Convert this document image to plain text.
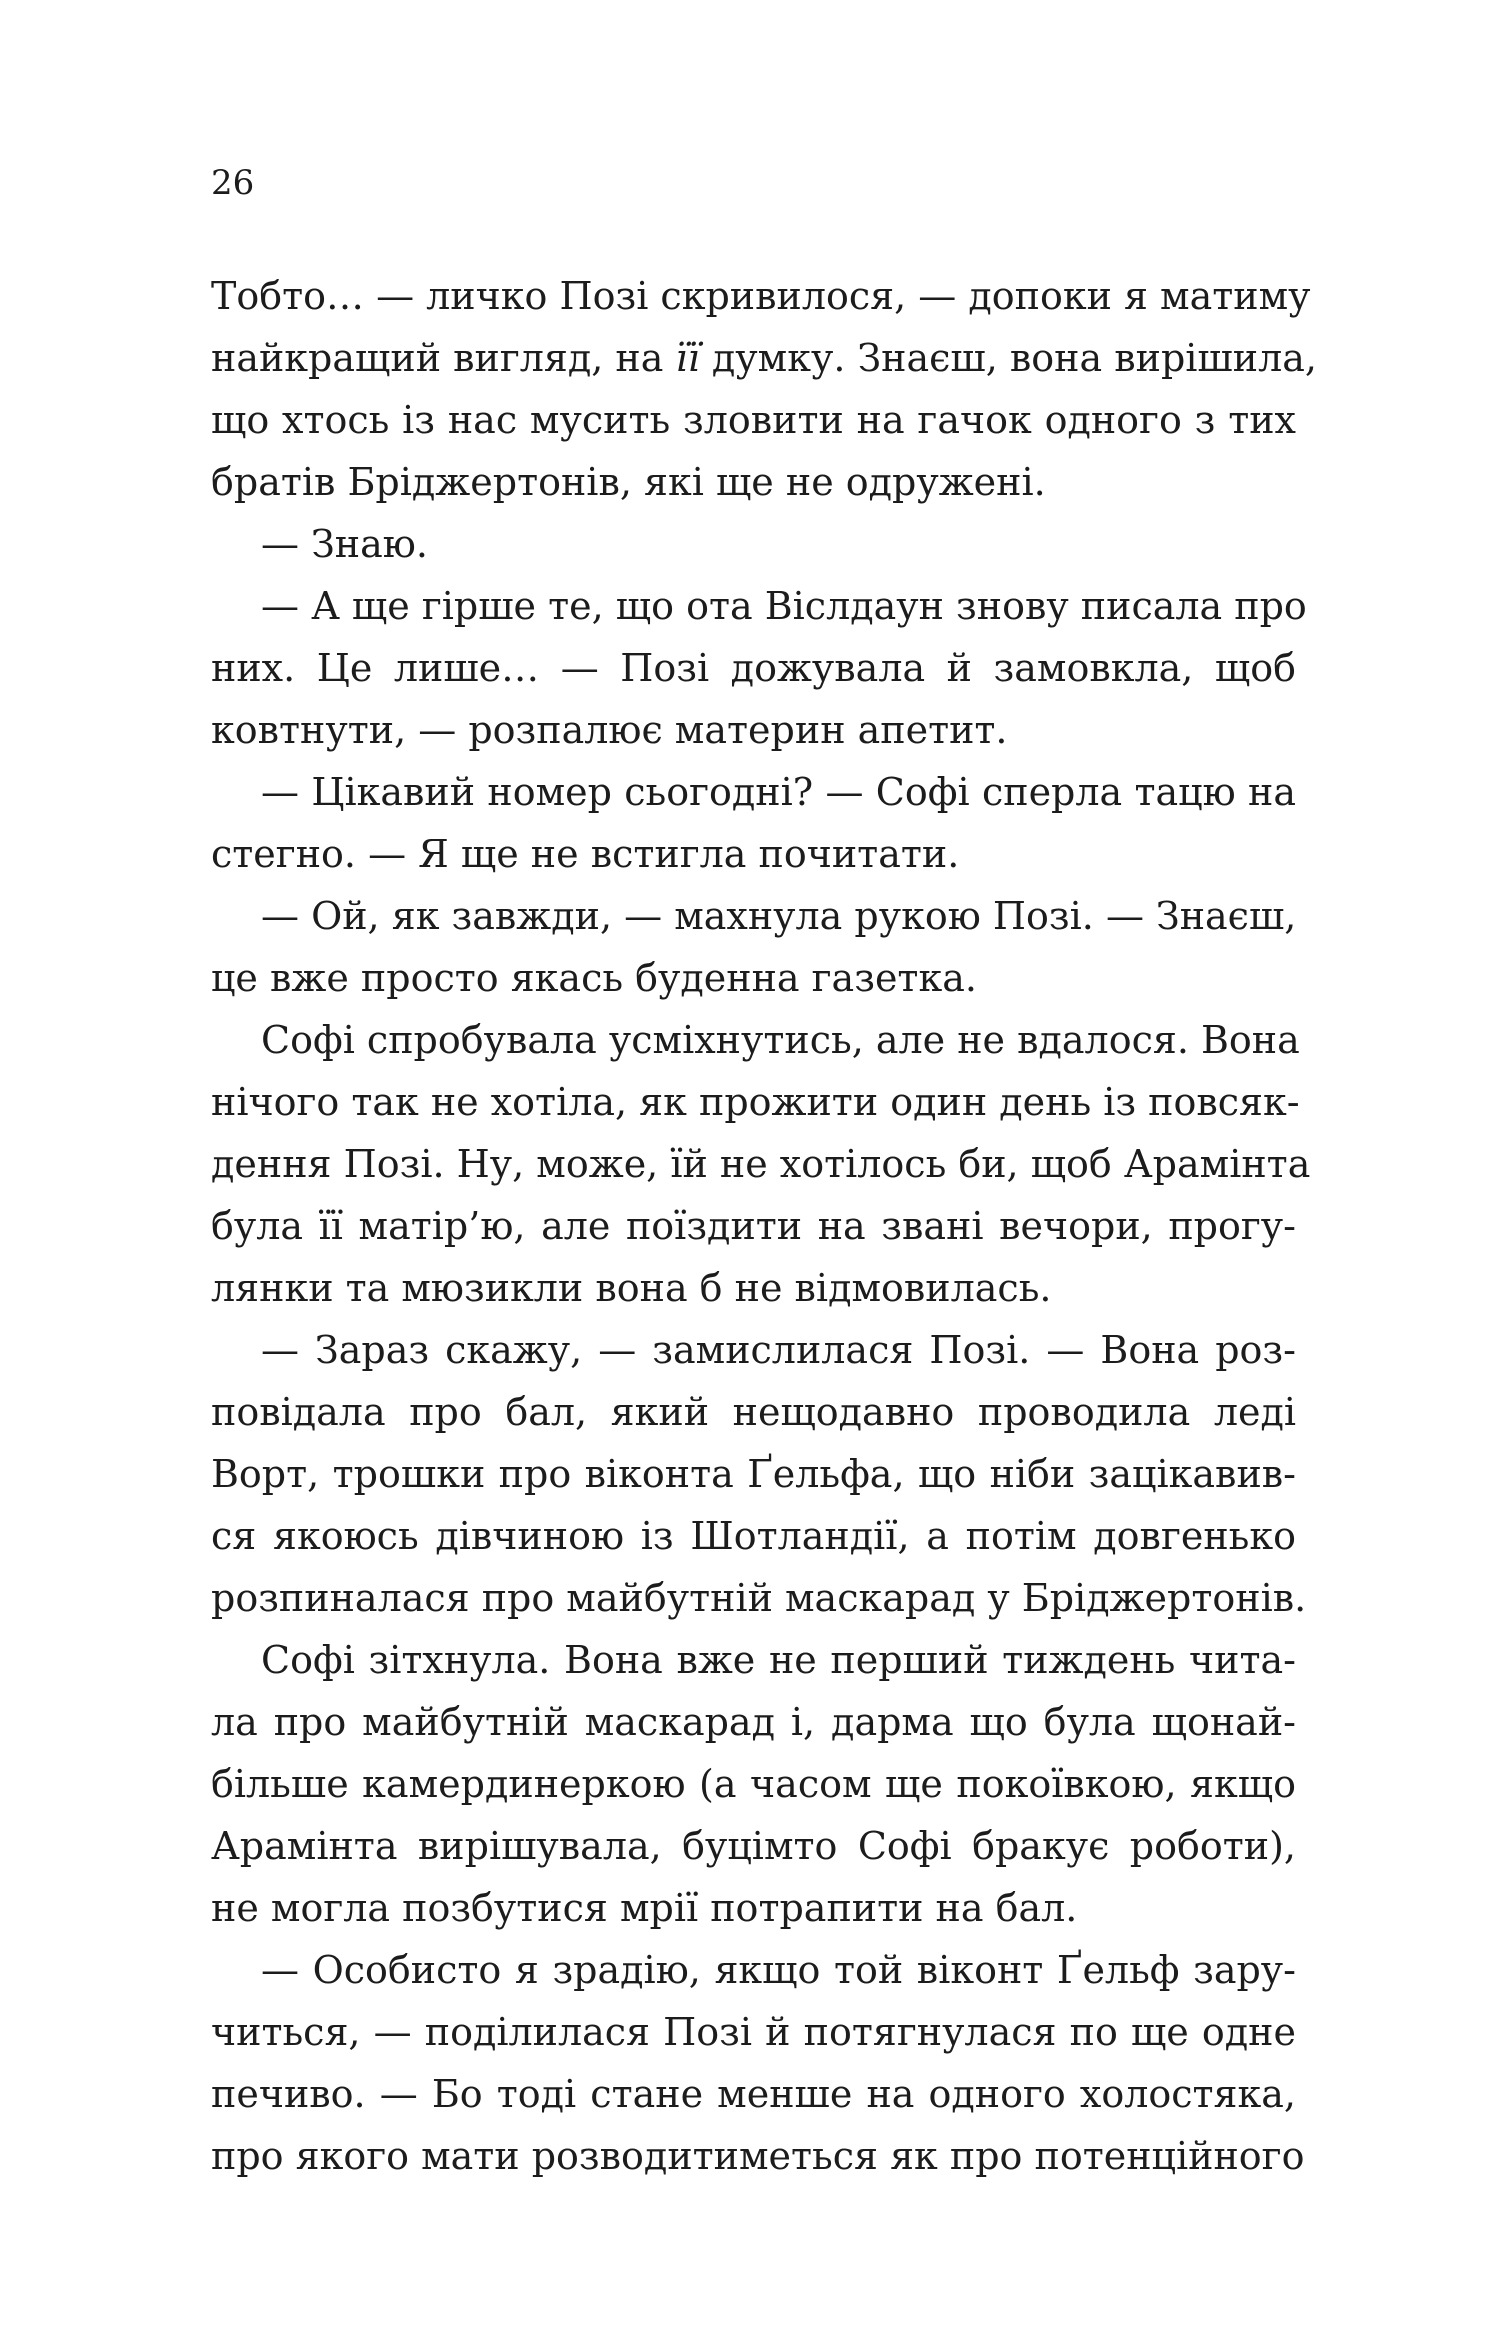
26
Тобто… — личко Позі скривилося, — допоки я матиму
найкращий вигляд, на її думку. Знаєш, вона вирішила,
що хтось із нас мусить зловити на гачок одного з тих
братів Бріджертонів, які ще не одружені.
— Знаю.
— А ще гірше те, що ота Віслдаун знову писала про
них. Це лише… — Позі дожувала й замовкла, щоб
ковтнути, — розпалює материн апетит.
— Цікавий номер сьогодні? — Софі сперла тацю на
стегно. — Я ще не встигла почитати.
— Ой, як завжди, — махнула рукою Позі. — Знаєш,
це вже просто якась буденна газетка.
Софі спробувала усміхнутись, але не вдалося. Вона
нічого так не хотіла, як прожити один день із повсяк-
дення Позі. Ну, може, їй не хотілось би, щоб Арамінта
була її матір’ю, але поїздити на звані вечори, прогу-
лянки та мюзикли вона б не відмовилась.
— Зараз скажу, — замислилася Позі. — Вона роз-
повідала про бал, який нещодавно проводила леді
Ворт, трошки про віконта Ґельфа, що ніби зацікавив-
ся якоюсь дівчиною із Шотландії, а потім довгенько
розпиналася про майбутній маскарад у Бріджертонів.
Софі зітхнула. Вона вже не перший тиждень чита-
ла про майбутній маскарад і, дарма що була щонай-
більше камердинеркою (а часом ще покоївкою, якщо
Арамінта вирішувала, буцімто Софі бракує роботи),
не могла позбутися мрії потрапити на бал.
— Особисто я зрадію, якщо той віконт Ґельф зару-
читься, — поділилася Позі й потягнулася по ще одне
печиво. — Бо тоді стане менше на одного холостяка,
про якого мати розводитиметься як про потенційного
